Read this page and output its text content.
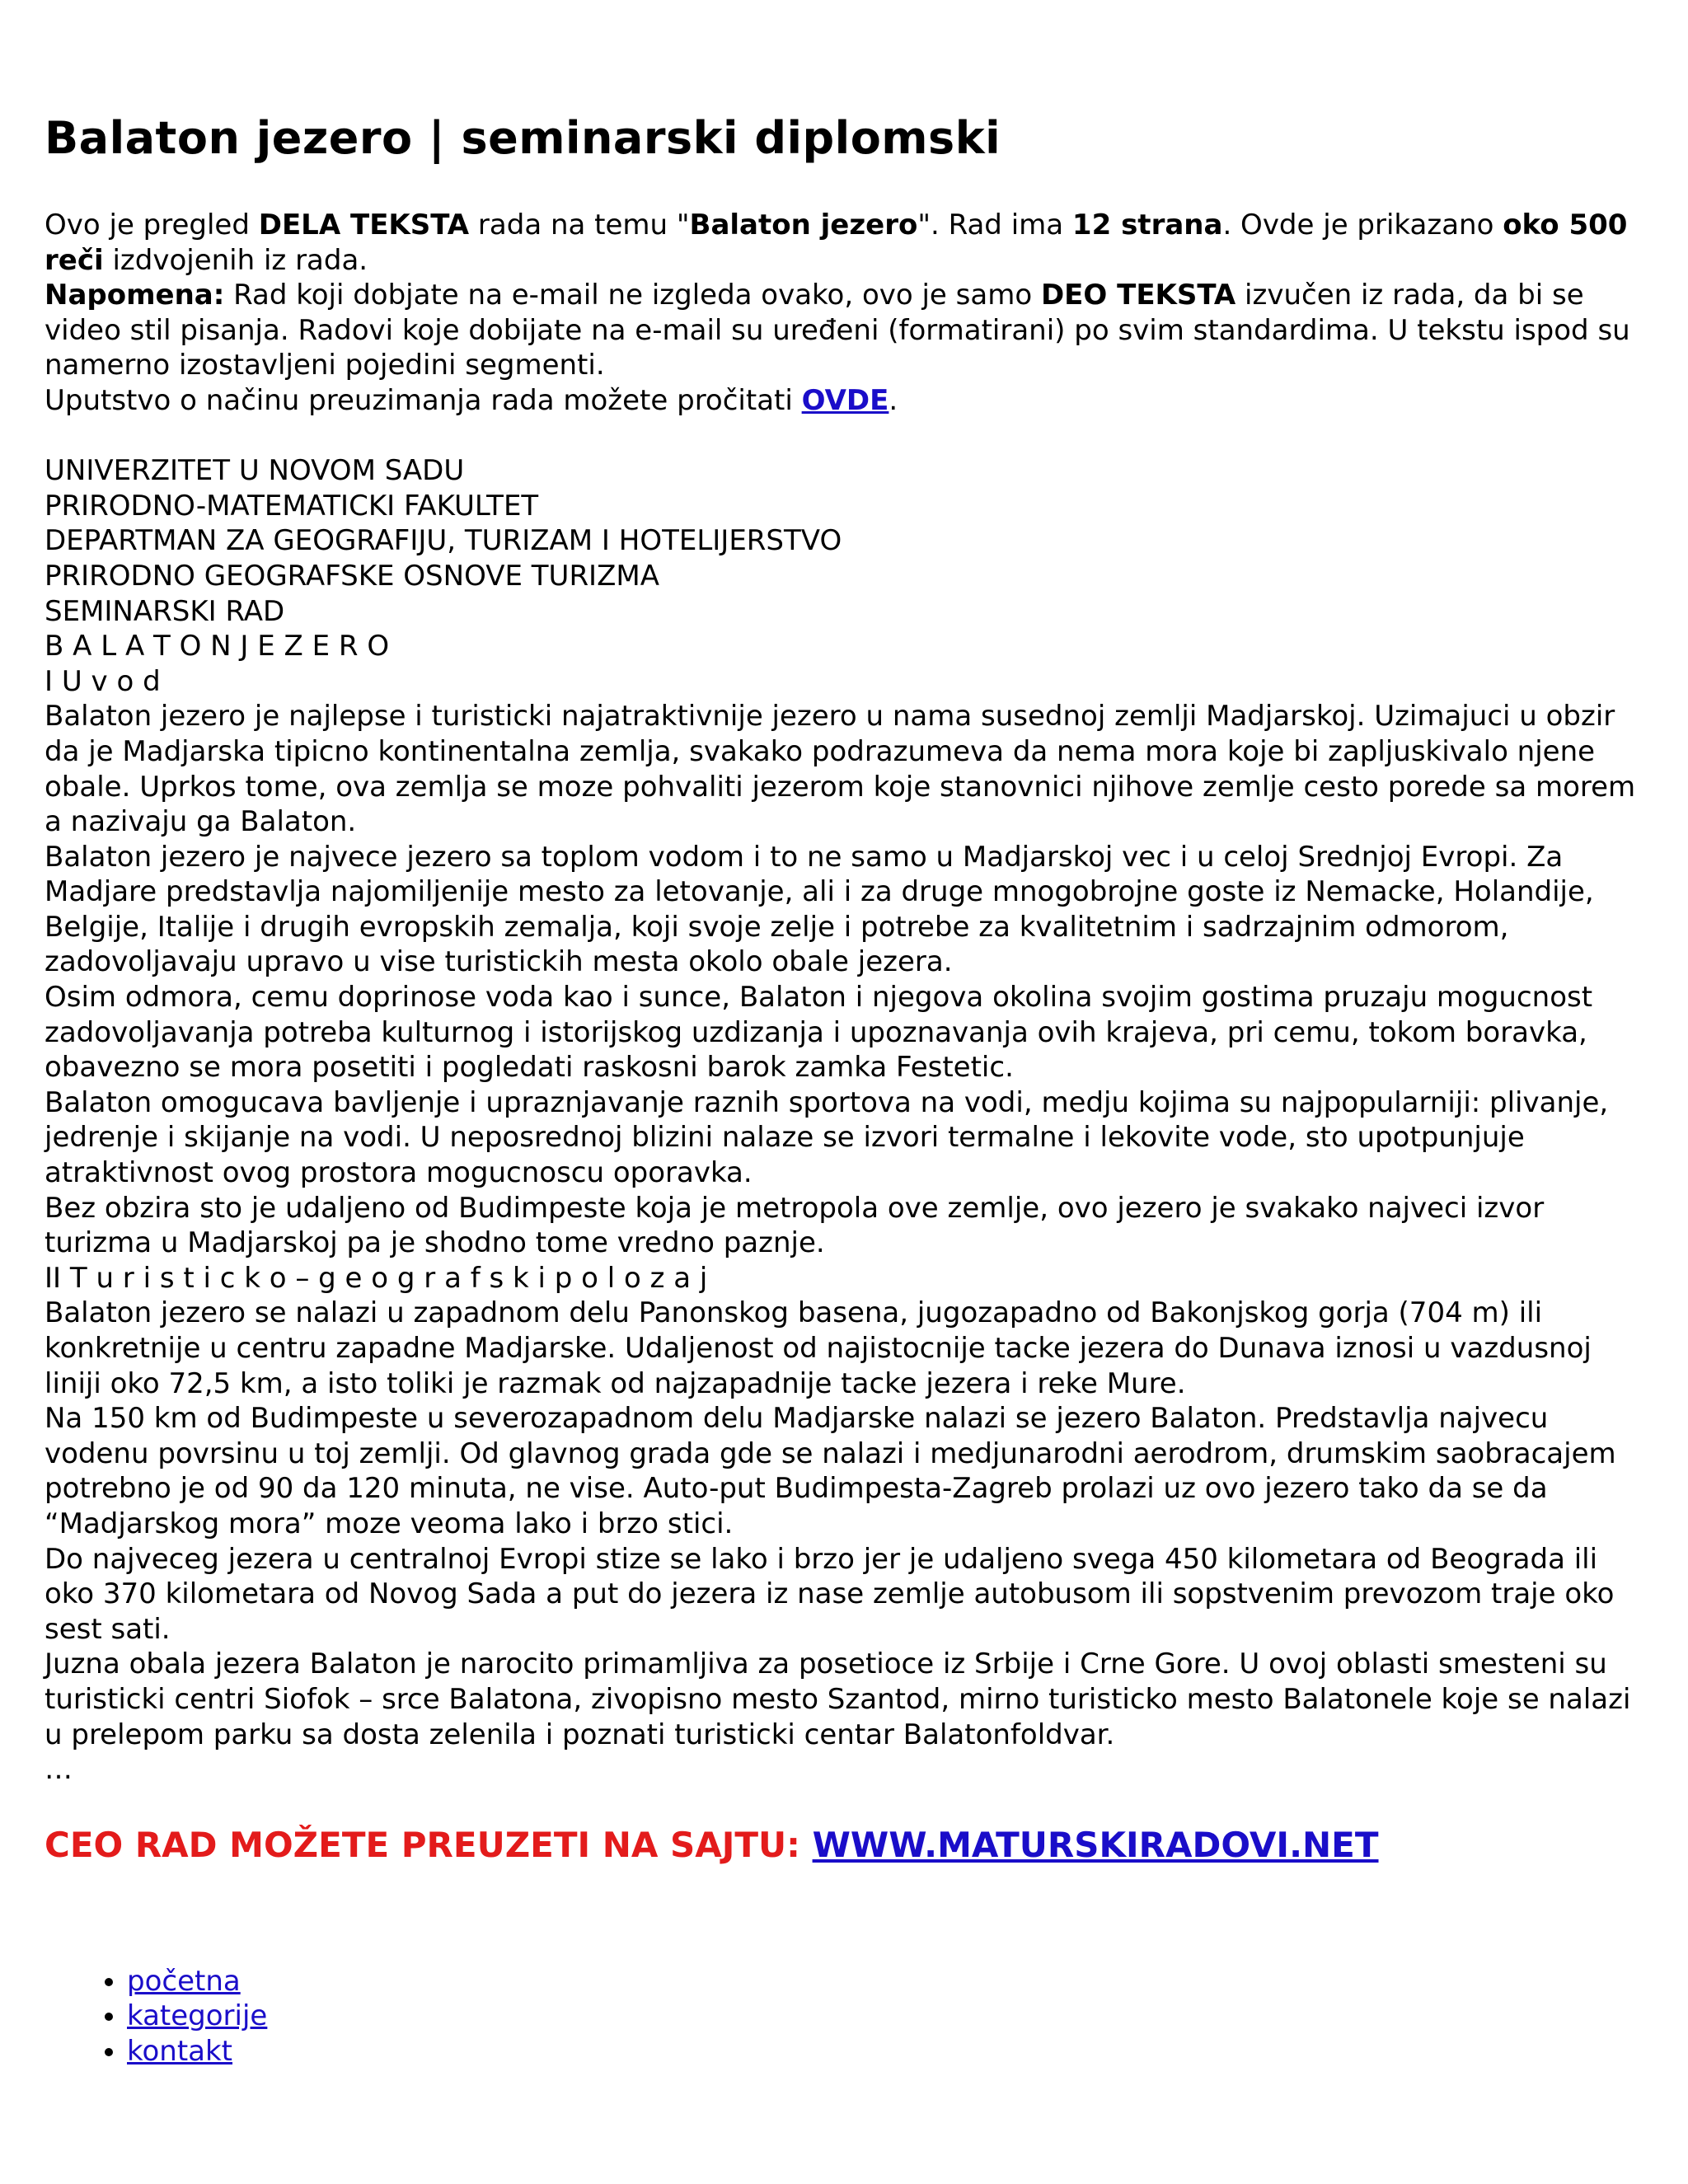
Balaton jezero | seminarski diplomski
Ovo je pregled DELA TEKSTA rada na temu "Balaton jezero". Rad ima 12 strana. Ovde je prikazano oko 500 reči izdvojenih iz rada.
Napomena: Rad koji dobjate na e-mail ne izgleda ovako, ovo je samo DEO TEKSTA izvučen iz rada, da bi se video stil pisanja. Radovi koje dobijate na e-mail su uređeni (formatirani) po svim standardima. U tekstu ispod su namerno izostavljeni pojedini segmenti.
Uputstvo o načinu preuzimanja rada možete pročitati OVDE.
UNIVERZITET U NOVOM SADU
PRIRODNO-MATEMATICKI FAKULTET
DEPARTMAN ZA GEOGRAFIJU, TURIZAM I HOTELIJERSTVO
PRIRODNO GEOGRAFSKE OSNOVE TURIZMA
SEMINARSKI RAD
B A L A T O N J E Z E R O
I U v o d
Balaton jezero je najlepse i turisticki najatraktivnije jezero u nama susednoj zemlji Madjarskoj. Uzimajuci u obzir da je Madjarska tipicno kontinentalna zemlja, svakako podrazumeva da nema mora koje bi zapljuskivalo njene obale. Uprkos tome, ova zemlja se moze pohvaliti jezerom koje stanovnici njihove zemlje cesto porede sa morem a nazivaju ga Balaton.
Balaton jezero je najvece jezero sa toplom vodom i to ne samo u Madjarskoj vec i u celoj Srednjoj Evropi. Za Madjare predstavlja najomiljenije mesto za letovanje, ali i za druge mnogobrojne goste iz Nemacke, Holandije, Belgije, Italije i drugih evropskih zemalja, koji svoje zelje i potrebe za kvalitetnim i sadrzajnim odmorom, zadovoljavaju upravo u vise turistickih mesta okolo obale jezera.
Osim odmora, cemu doprinose voda kao i sunce, Balaton i njegova okolina svojim gostima pruzaju mogucnost zadovoljavanja potreba kulturnog i istorijskog uzdizanja i upoznavanja ovih krajeva, pri cemu, tokom boravka, obavezno se mora posetiti i pogledati raskosni barok zamka Festetic.
Balaton omogucava bavljenje i upraznjavanje raznih sportova na vodi, medju kojima su najpopularniji: plivanje, jedrenje i skijanje na vodi. U neposrednoj blizini nalaze se izvori termalne i lekovite vode, sto upotpunjuje atraktivnost ovog prostora mogucnoscu oporavka.
Bez obzira sto je udaljeno od Budimpeste koja je metropola ove zemlje, ovo jezero je svakako najveci izvor turizma u Madjarskoj pa je shodno tome vredno paznje.
II T u r i s t i c k o – g e o g r a f s k i p o l o z a j
Balaton jezero se nalazi u zapadnom delu Panonskog basena, jugozapadno od Bakonjskog gorja (704 m) ili konkretnije u centru zapadne Madjarske. Udaljenost od najistocnije tacke jezera do Dunava iznosi u vazdusnoj liniji oko 72,5 km, a isto toliki je razmak od najzapadnije tacke jezera i reke Mure.
Na 150 km od Budimpeste u severozapadnom delu Madjarske nalazi se jezero Balaton. Predstavlja najvecu vodenu povrsinu u toj zemlji. Od glavnog grada gde se nalazi i medjunarodni aerodrom, drumskim saobracajem potrebno je od 90 da 120 minuta, ne vise. Auto-put Budimpesta-Zagreb prolazi uz ovo jezero tako da se da “Madjarskog mora” moze veoma lako i brzo stici.
Do najveceg jezera u centralnoj Evropi stize se lako i brzo jer je udaljeno svega 450 kilometara od Beograda ili oko 370 kilometara od Novog Sada a put do jezera iz nase zemlje autobusom ili sopstvenim prevozom traje oko sest sati.
Juzna obala jezera Balaton je narocito primamljiva za posetioce iz Srbije i Crne Gore. U ovoj oblasti smesteni su turisticki centri Siofok – srce Balatona, zivopisno mesto Szantod, mirno turisticko mesto Balatonele koje se nalazi u prelepom parku sa dosta zelenila i poznati turisticki centar Balatonfoldvar.
…
CEO RAD MOŽETE PREUZETI NA SAJTU: WWW.MATURSKIRADOVI.NET
• početna
• kategorije
• kontakt
